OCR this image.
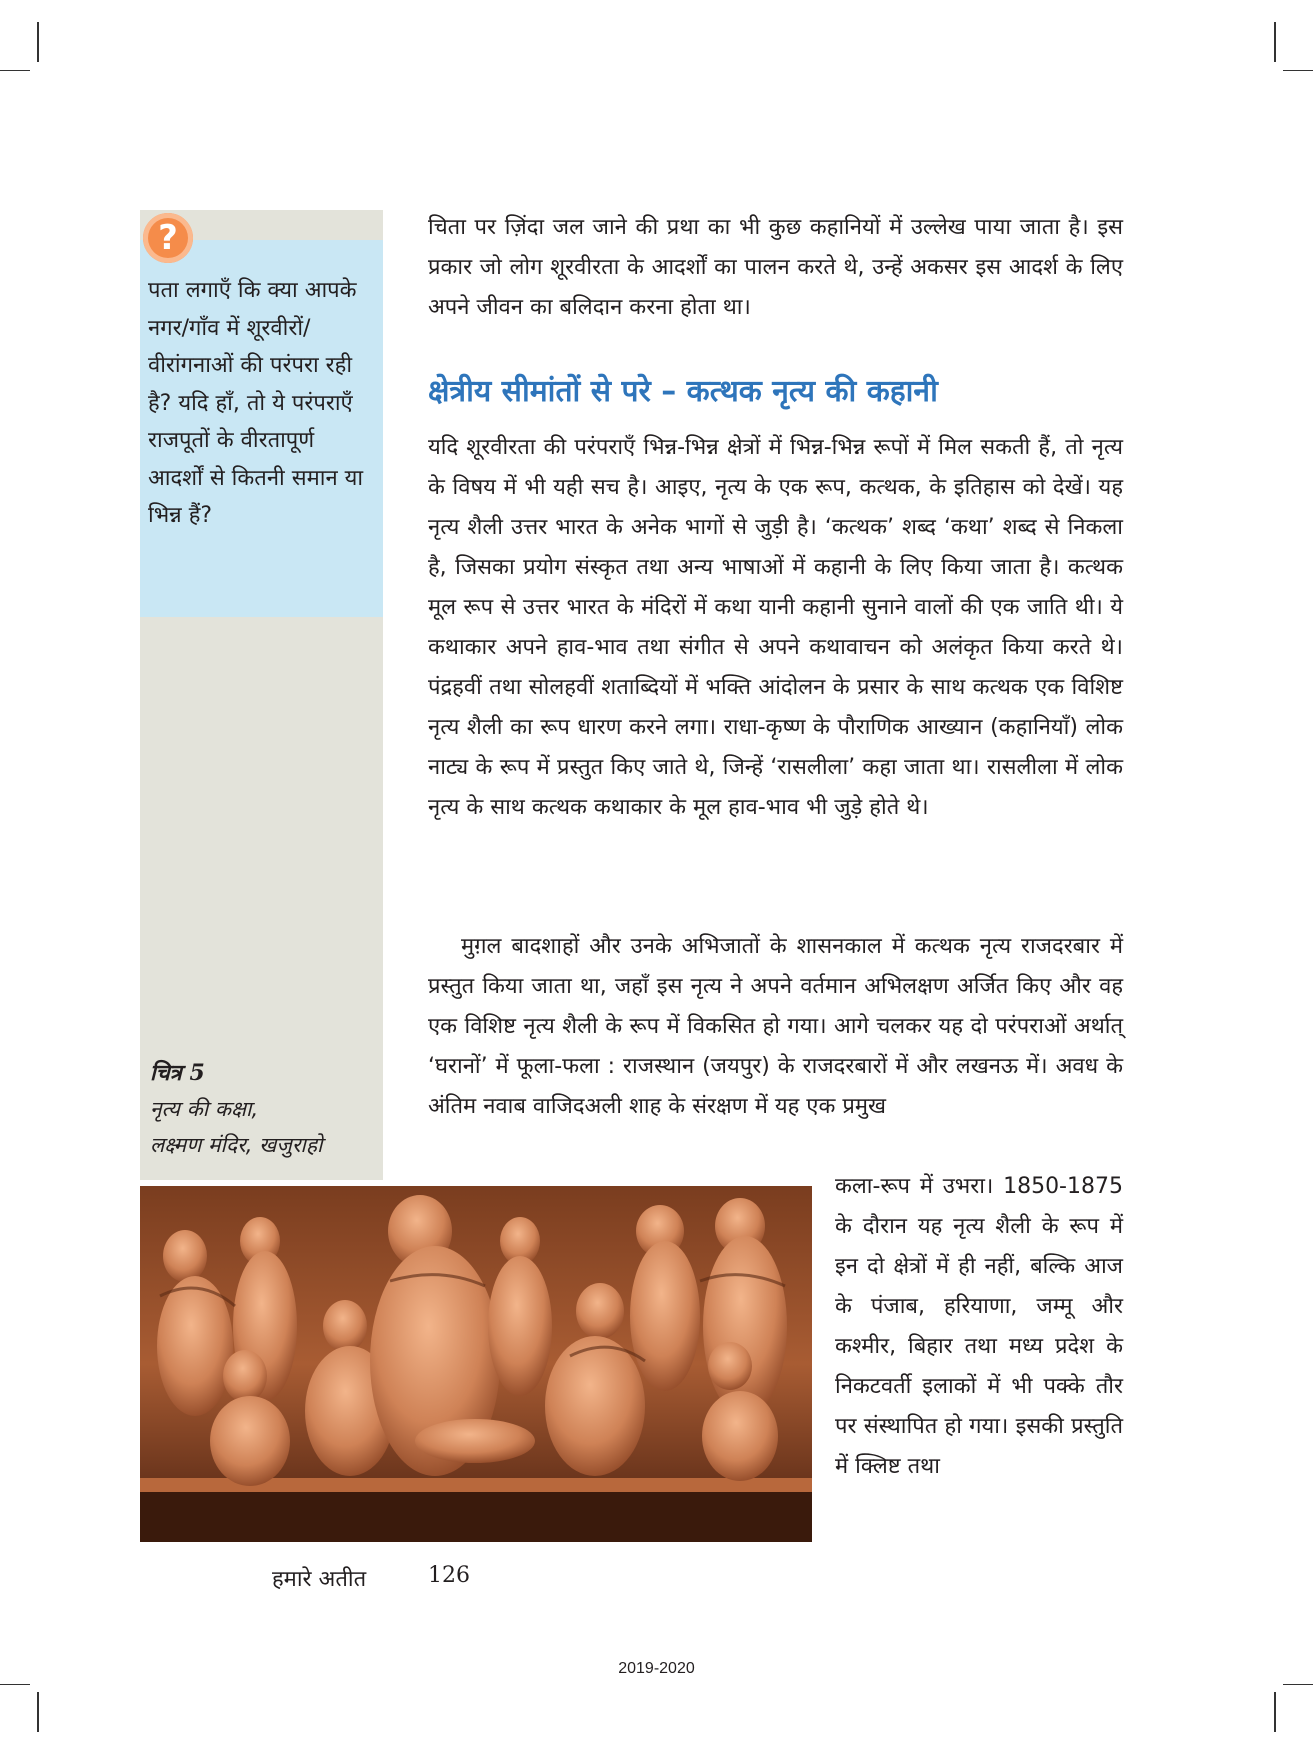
?

पता लगाएँ कि क्या आपके नगर/गाँव में शूरवीरों/वीरांगनाओं की परंपरा रही है? यदि हाँ, तो ये परंपराएँ राजपूतों के वीरतापूर्ण आदर्शों से कितनी समान या भिन्न हैं?

चित्र 5
नृत्य की कक्षा,
लक्ष्मण मंदिर, खजुराहो

चिता पर ज़िंदा जल जाने की प्रथा का भी कुछ कहानियों में उल्लेख पाया जाता है। इस प्रकार जो लोग शूरवीरता के आदर्शों का पालन करते थे, उन्हें अकसर इस आदर्श के लिए अपने जीवन का बलिदान करना होता था।

क्षेत्रीय सीमांतों से परे – कत्थक नृत्य की कहानी

यदि शूरवीरता की परंपराएँ भिन्न-भिन्न क्षेत्रों में भिन्न-भिन्न रूपों में मिल सकती हैं, तो नृत्य के विषय में भी यही सच है। आइए, नृत्य के एक रूप, कत्थक, के इतिहास को देखें। यह नृत्य शैली उत्तर भारत के अनेक भागों से जुड़ी है। ‘कत्थक’ शब्द ‘कथा’ शब्द से निकला है, जिसका प्रयोग संस्कृत तथा अन्य भाषाओं में कहानी के लिए किया जाता है। कत्थक मूल रूप से उत्तर भारत के मंदिरों में कथा यानी कहानी सुनाने वालों की एक जाति थी। ये कथाकार अपने हाव-भाव तथा संगीत से अपने कथावाचन को अलंकृत किया करते थे। पंद्रहवीं तथा सोलहवीं शताब्दियों में भक्ति आंदोलन के प्रसार के साथ कत्थक एक विशिष्ट नृत्य शैली का रूप धारण करने लगा। राधा-कृष्ण के पौराणिक आख्यान (कहानियाँ) लोक नाट्य के रूप में प्रस्तुत किए जाते थे, जिन्हें ‘रासलीला’ कहा जाता था। रासलीला में लोक नृत्य के साथ कत्थक कथाकार के मूल हाव-भाव भी जुड़े होते थे।

मुग़ल बादशाहों और उनके अभिजातों के शासनकाल में कत्थक नृत्य राजदरबार में प्रस्तुत किया जाता था, जहाँ इस नृत्य ने अपने वर्तमान अभिलक्षण अर्जित किए और वह एक विशिष्ट नृत्य शैली के रूप में विकसित हो गया। आगे चलकर यह दो परंपराओं अर्थात् ‘घरानों’ में फूला-फला : राजस्थान (जयपुर) के राजदरबारों में और लखनऊ में। अवध के अंतिम नवाब वाजिदअली शाह के संरक्षण में यह एक प्रमुख

कला-रूप में उभरा। 1850-1875 के दौरान यह नृत्य शैली के रूप में इन दो क्षेत्रों में ही नहीं, बल्कि आज के पंजाब, हरियाणा, जम्मू और कश्मीर, बिहार तथा मध्य प्रदेश के निकटवर्ती इलाकों में भी पक्के तौर पर संस्थापित हो गया। इसकी प्रस्तुति में क्लिष्ट तथा

हमारे अतीत	126
2019-2020
